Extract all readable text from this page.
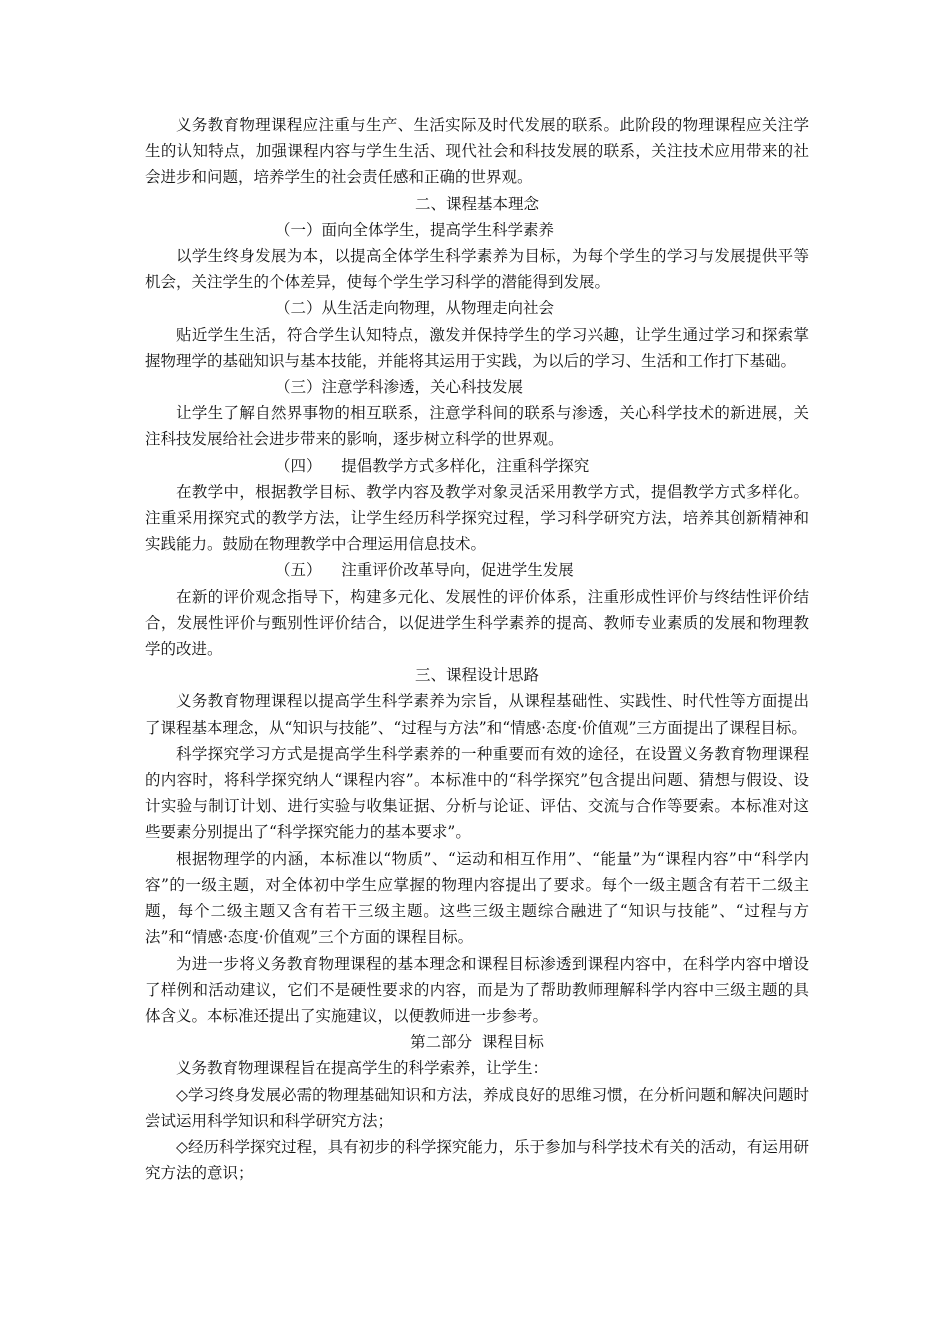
义务教育物理课程应注重与生产、生活实际及时代发展的联系。此阶段的物理课程应关注学生的认知特点，加强课程内容与学生生活、现代社会和科技发展的联系，关注技术应用带来的社会进步和问题，培养学生的社会责任感和正确的世界观。

二、课程基本理念

（一）面向全体学生，提高学生科学素养

以学生终身发展为本，以提高全体学生科学素养为目标，为每个学生的学习与发展提供平等机会，关注学生的个体差异，使每个学生学习科学的潜能得到发展。

（二）从生活走向物理，从物理走向社会

贴近学生生活，符合学生认知特点，激发并保持学生的学习兴趣，让学生通过学习和探索掌握物理学的基础知识与基本技能，并能将其运用于实践，为以后的学习、生活和工作打下基础。

（三）注意学科渗透，关心科技发展

让学生了解自然界事物的相互联系，注意学科间的联系与渗透，关心科学技术的新进展，关注科技发展给社会进步带来的影响，逐步树立科学的世界观。

（四）    提倡教学方式多样化，注重科学探究

在教学中，根据教学目标、教学内容及教学对象灵活采用教学方式，提倡教学方式多样化。注重采用探究式的教学方法，让学生经历科学探究过程，学习科学研究方法，培养其创新精神和实践能力。鼓励在物理教学中合理运用信息技术。

（五）    注重评价改革导向，促进学生发展

在新的评价观念指导下，构建多元化、发展性的评价体系，注重形成性评价与终结性评价结合，发展性评价与甄别性评价结合，以促进学生科学素养的提高、教师专业素质的发展和物理教学的改进。

三、课程设计思路

义务教育物理课程以提高学生科学素养为宗旨，从课程基础性、实践性、时代性等方面提出了课程基本理念，从“知识与技能”、“过程与方法”和“情感·态度·价值观”三方面提出了课程目标。

科学探究学习方式是提高学生科学素养的一种重要而有效的途径，在设置义务教育物理课程的内容时，将科学探究纳人“课程内容”。本标准中的“科学探究”包含提出问题、猜想与假设、设计实验与制订计划、进行实验与收集证据、分析与论证、评估、交流与合作等要索。本标准对这些要素分别提出了“科学探究能力的基本要求”。

根据物理学的内涵，本标准以“物质”、“运动和相互作用”、“能量”为“课程内容”中“科学内容”的一级主题，对全体初中学生应掌握的物理内容提出了要求。每个一级主题含有若干二级主题，每个二级主题又含有若干三级主题。这些三级主题综合融进了“知识与技能”、“过程与方法”和“情感·态度·价值观”三个方面的课程目标。

为进一步将义务教育物理课程的基本理念和课程目标渗透到课程内容中，在科学内容中增设了样例和活动建议，它们不是硬性要求的内容，而是为了帮助教师理解科学内容中三级主题的具体含义。本标准还提出了实施建议，以便教师进一步参考。

第二部分  课程目标

义务教育物理课程旨在提高学生的科学索养，让学生：

◇学习终身发展必需的物理基础知识和方法，养成良好的思维习惯，在分析问题和解决问题时尝试运用科学知识和科学研究方法；

◇经历科学探究过程，具有初步的科学探究能力，乐于参加与科学技术有关的活动，有运用研究方法的意识；
